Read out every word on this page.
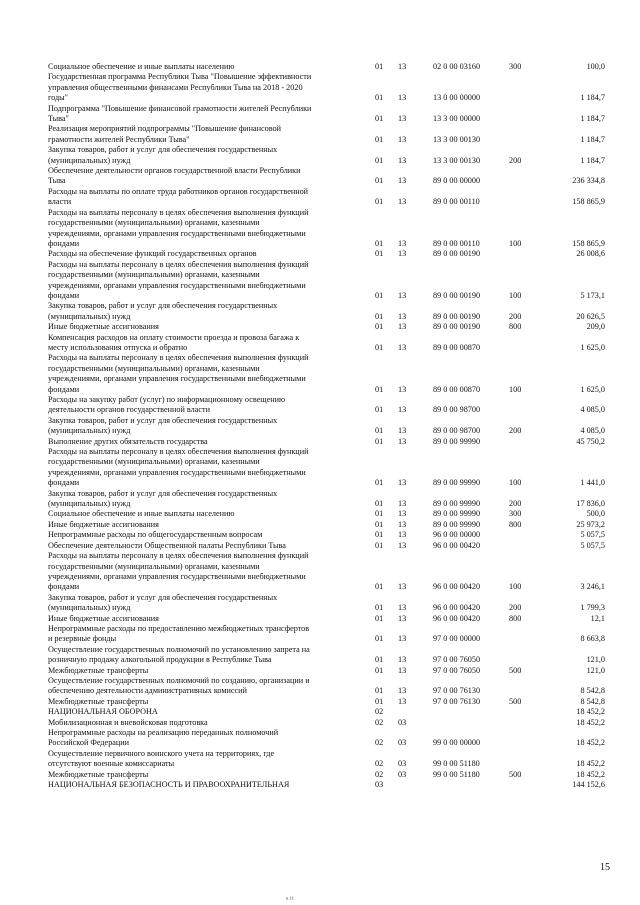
Социальное обеспечение и иные выплаты населению	01	13	02 0 00 03160	300	100,0
Государственная программа Республики Тыва "Повышение эффективности
управления общественными финансами Республики Тыва на 2018 - 2020
годы"	01	13	13 0 00 00000	1 184,7
Подпрограмма "Повышение финансовой грамотности жителей Республики
Тыва"	01	13	13 3 00 00000	1 184,7
Реализация мероприятий подпрограммы "Повышение финансовой
грамотности жителей Республики Тыва"	01	13	13 3 00 00130	1 184,7
Закупка товаров, работ и услуг для обеспечения государственных
(муниципальных) нужд	01	13	13 3 00 00130	200	1 184,7
Обеспечение деятельности органов государственной власти Республики
Тыва	01	13	89 0 00 00000	236 334,8
Расходы на выплаты по оплате труда работников органов государственной
власти	01	13	89 0 00 00110	158 865,9
Расходы на выплаты персоналу в целях обеспечения выполнения функций
государственными (муниципальными) органами, казенными
учреждениями, органами управления государственными внебюджетными
фондами	01	13	89 0 00 00110	100	158 865,9
Расходы на обеспечение функций государственных органов	01	13	89 0 00 00190	26 008,6
Расходы на выплаты персоналу в целях обеспечения выполнения функций
государственными (муниципальными) органами, казенными
учреждениями, органами управления государственными внебюджетными
фондами	01	13	89 0 00 00190	100	5 173,1
Закупка товаров, работ и услуг для обеспечения государственных
(муниципальных) нужд	01	13	89 0 00 00190	200	20 626,5
Иные бюджетные ассигнования	01	13	89 0 00 00190	800	209,0
Компенсация расходов на оплату стоимости проезда и провоза багажа к
месту использования отпуска и обратно	01	13	89 0 00 00870	1 625,0
Расходы на выплаты персоналу в целях обеспечения выполнения функций
государственными (муниципальными) органами, казенными
учреждениями, органами управления государственными внебюджетными
фондами	01	13	89 0 00 00870	100	1 625,0
Расходы на закупку работ (услуг) по информационному освещению
деятельности органов государственной власти	01	13	89 0 00 98700	4 085,0
Закупка товаров, работ и услуг для обеспечения государственных
(муниципальных) нужд	01	13	89 0 00 98700	200	4 085,0
Выполнение других обязательств государства	01	13	89 0 00 99990	45 750,2
Расходы на выплаты персоналу в целях обеспечения выполнения функций
государственными (муниципальными) органами, казенными
учреждениями, органами управления государственными внебюджетными
фондами	01	13	89 0 00 99990	100	1 441,0
Закупка товаров, работ и услуг для обеспечения государственных
(муниципальных) нужд	01	13	89 0 00 99990	200	17 836,0
Социальное обеспечение и иные выплаты населению	01	13	89 0 00 99990	300	500,0
Иные бюджетные ассигнования	01	13	89 0 00 99990	800	25 973,2
Непрограммные расходы по общегосударственным вопросам	01	13	96 0 00 00000	5 057,5
Обеспечение деятельности Общественной палаты Республики Тыва	01	13	96 0 00 00420	5 057,5
Расходы на выплаты персоналу в целях обеспечения выполнения функций
государственными (муниципальными) органами, казенными
учреждениями, органами управления государственными внебюджетными
фондами	01	13	96 0 00 00420	100	3 246,1
Закупка товаров, работ и услуг для обеспечения государственных
(муниципальных) нужд	01	13	96 0 00 00420	200	1 799,3
Иные бюджетные ассигнования	01	13	96 0 00 00420	800	12,1
Непрограммные расходы по предоставлению межбюджетных трансфертов
и резервные фонды	01	13	97 0 00 00000	8 663,8
Осуществление государственных полномочий по установлению запрета на
розничную продажу алкогольной продукции в Республике Тыва	01	13	97 0 00 76050	121,0
Межбюджетные трансферты	01	13	97 0 00 76050	500	121,0
Осуществление государственных полномочий по созданию, организации и
обеспечению деятельности административных комиссий	01	13	97 0 00 76130	8 542,8
Межбюджетные трансферты	01	13	97 0 00 76130	500	8 542,8
НАЦИОНАЛЬНАЯ ОБОРОНА	02	18 452,2
Мобилизационная и вневойсковая подготовка	02	03	18 452,2
Непрограммные расходы на реализацию переданных полномочий
Российской Федерации	02	03	99 0 00 00000	18 452,2
Осуществление первичного воинского учета на территориях, где
отсутствуют военные комиссариаты	02	03	99 0 00 51180	18 452,2
Межбюджетные трансферты	02	03	99 0 00 51180	500	18 452,2
НАЦИОНАЛЬНАЯ БЕЗОПАСНОСТЬ И ПРАВООХРАНИТЕЛЬНАЯ	03	144 152,6
15
sit
